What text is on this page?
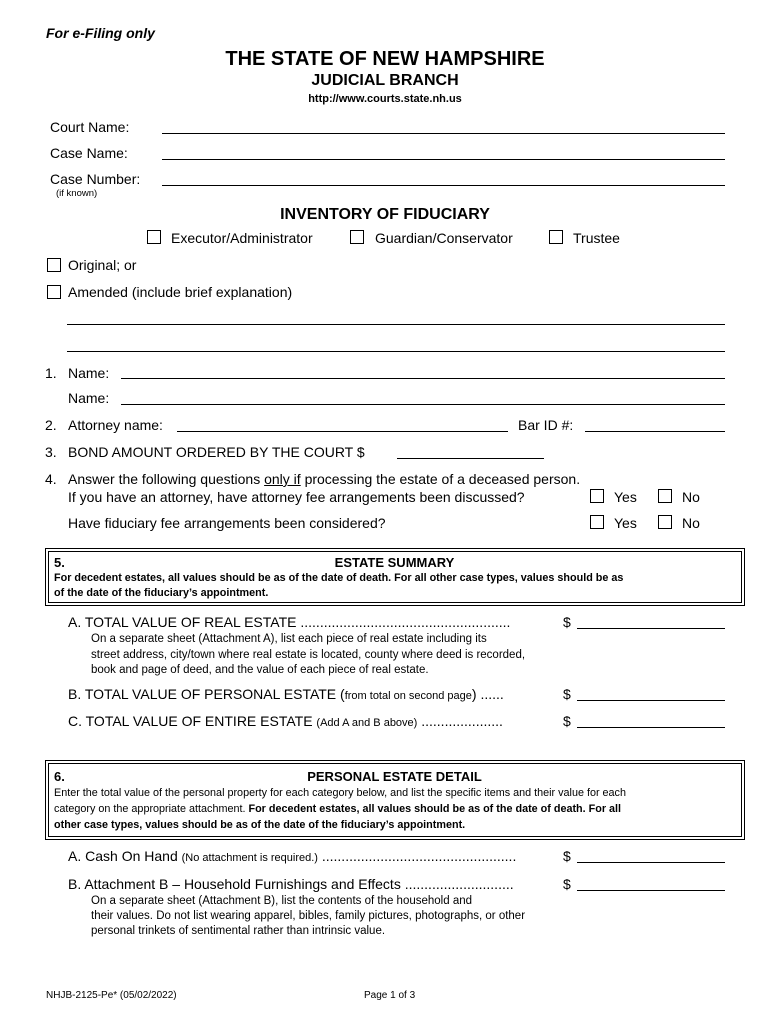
For e-Filing only
THE STATE OF NEW HAMPSHIRE
JUDICIAL BRANCH
http://www.courts.state.nh.us
Court Name:
Case Name:
Case Number:
(if known)
INVENTORY OF FIDUCIARY
Executor/Administrator	Guardian/Conservator	Trustee
Original; or
Amended (include brief explanation)
1. Name:
Name:
2. Attorney name:	Bar ID #:
3. BOND AMOUNT ORDERED BY THE COURT $
4. Answer the following questions only if processing the estate of a deceased person.
If you have an attorney, have attorney fee arrangements been discussed?	Yes	No
Have fiduciary fee arrangements been considered?	Yes	No
5.	ESTATE SUMMARY
For decedent estates, all values should be as of the date of death. For all other case types, values should be as
of the date of the fiduciary’s appointment.
A. TOTAL VALUE OF REAL ESTATE ......................................................	$
On a separate sheet (Attachment A), list each piece of real estate including its
street address, city/town where real estate is located, county where deed is recorded,
book and page of deed, and the value of each piece of real estate.
B. TOTAL VALUE OF PERSONAL ESTATE (from total on second page) ......	$
C. TOTAL VALUE OF ENTIRE ESTATE (Add A and B above) .....................	$
6.	PERSONAL ESTATE DETAIL
Enter the total value of the personal property for each category below, and list the specific items and their value for each
category on the appropriate attachment. For decedent estates, all values should be as of the date of death. For all
other case types, values should be as of the date of the fiduciary’s appointment.
A. Cash On Hand (No attachment is required.) ..................................................	$
B. Attachment B – Household Furnishings and Effects ............................	$
On a separate sheet (Attachment B), list the contents of the household and
their values. Do not list wearing apparel, bibles, family pictures, photographs, or other
personal trinkets of sentimental rather than intrinsic value.
NHJB-2125-Pe* (05/02/2022)	Page 1 of 3
